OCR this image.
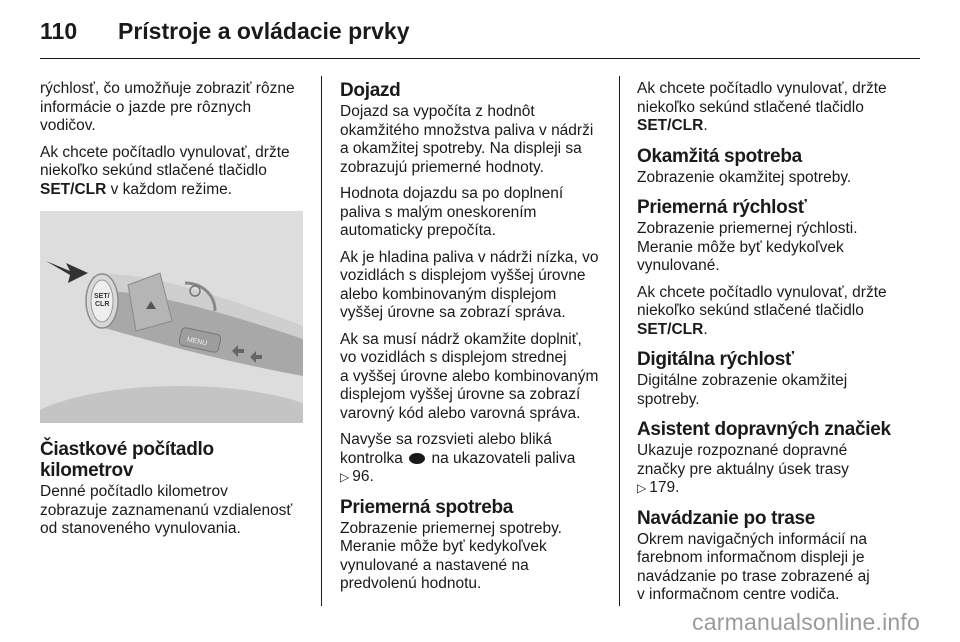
110	Prístroje a ovládacie prvky

rýchlosť, čo umožňuje zobraziť rôzne
informácie o jazde pre rôznych
vodičov.

Ak chcete počítadlo vynulovať, držte
niekoľko sekúnd stlačené tlačidlo
SET/CLR v každom režime.

SET/ CLR
MENU
Čiastkové počítadlo kilometrov

Denné počítadlo kilometrov
zobrazuje zaznamenanú vzdialenosť
od stanoveného vynulovania.

Dojazd

Dojazd sa vypočíta z hodnôt
okamžitého množstva paliva v nádrži
a okamžitej spotreby. Na displeji sa
zobrazujú priemerné hodnoty.

Hodnota dojazdu sa po doplnení
paliva s malým oneskorením
automaticky prepočíta.

Ak je hladina paliva v nádrži nízka, vo
vozidlách s displejom vyššej úrovne
alebo kombinovaným displejom
vyššej úrovne sa zobrazí správa.

Ak sa musí nádrž okamžite doplniť,
vo vozidlách s displejom strednej
a vyššej úrovne alebo kombinovaným
displejom vyššej úrovne sa zobrazí
varovný kód alebo varovná správa.

Navyše sa rozsvieti alebo bliká
kontrolka  na ukazovateli paliva
▷ 96.

Priemerná spotreba

Zobrazenie priemernej spotreby.
Meranie môže byť kedykoľvek
vynulované a nastavené na
predvolenú hodnotu.

Ak chcete počítadlo vynulovať, držte
niekoľko sekúnd stlačené tlačidlo
SET/CLR.

Okamžitá spotreba

Zobrazenie okamžitej spotreby.

Priemerná rýchlosť

Zobrazenie priemernej rýchlosti.
Meranie môže byť kedykoľvek
vynulované.

Ak chcete počítadlo vynulovať, držte
niekoľko sekúnd stlačené tlačidlo
SET/CLR.

Digitálna rýchlosť

Digitálne zobrazenie okamžitej
spotreby.

Asistent dopravných značiek

Ukazuje rozpoznané dopravné
značky pre aktuálny úsek trasy
▷ 179.

Navádzanie po trase

Okrem navigačných informácií na
farebnom informačnom displeji je
navádzanie po trase zobrazené aj
v informačnom centre vodiča.

carmanualsonline.info
